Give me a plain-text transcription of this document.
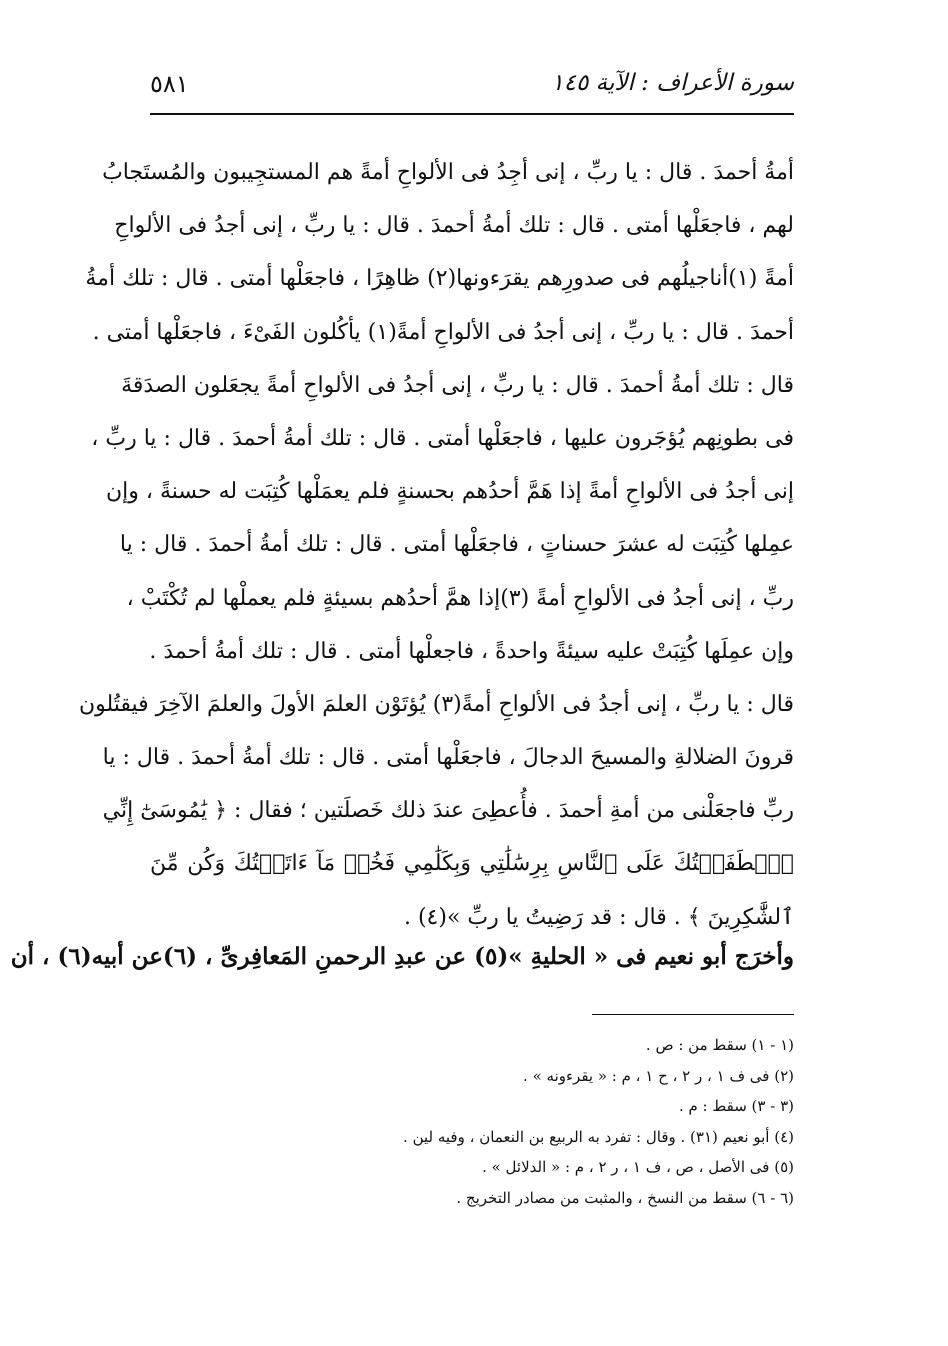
سورة الأعراف : الآية ١٤٥
٥٨١
أمةُ أحمدَ . قال : يا ربِّ ، إنى أجِدُ فى الألواحِ أمةً هم المستجِيبون والمُستَجابُ
لهم ، فاجعَلْها أمتى . قال : تلك أمةُ أحمدَ . قال : يا ربِّ ، إنى أجدُ فى الألواحِ
أمةً (١)أناجيلُهم فى صدورِهم يقرَءونها(٢) ظاهِرًا ، فاجعَلْها أمتى . قال : تلك أمةُ
أحمدَ . قال : يا ربِّ ، إنى أجدُ فى الألواحِ أمةً(١) يأكُلون الفَىْءَ ، فاجعَلْها أمتى .
قال : تلك أمةُ أحمدَ . قال : يا ربِّ ، إنى أجدُ فى الألواحِ أمةً يجعَلون الصدَقةَ
فى بطونِهم يُؤجَرون عليها ، فاجعَلْها أمتى . قال : تلك أمةُ أحمدَ . قال : يا ربِّ ،
إنى أجدُ فى الألواحِ أمةً إذا هَمَّ أحدُهم بحسنةٍ فلم يعمَلْها كُتِبَت له حسنةً ، وإن
عمِلها كُتِبَت له عشرَ حسناتٍ ، فاجعَلْها أمتى . قال : تلك أمةُ أحمدَ . قال : يا
ربِّ ، إنى أجدُ فى الألواحِ أمةً (٣)إذا همَّ أحدُهم بسيئةٍ فلم يعملْها لم تُكْتَبْ ،
وإن عمِلَها كُتِبَتْ عليه سيئةً واحدةً ، فاجعلْها أمتى . قال : تلك أمةُ أحمدَ .
قال : يا ربِّ ، إنى أجدُ فى الألواحِ أمةً(٣) يُؤتَوْن العلمَ الأولَ والعلمَ الآخِرَ فيقتُلون
قرونَ الضلالةِ والمسيحَ الدجالَ ، فاجعَلْها أمتى . قال : تلك أمةُ أحمدَ . قال : يا
ربِّ فاجعَلْنى من أمةِ أحمدَ . فأُعطِىَ عندَ ذلك خَصلَتين ؛ فقال : ﴿ يَٰمُوسَىٰٓ إِنِّي
ٱصۡطَفَيۡتُكَ عَلَى ٱلنَّاسِ بِرِسَٰلَٰتِي وَبِكَلَٰمِي فَخُذۡ مَآ ءَاتَيۡتُكَ وَكُن مِّنَ
ٱلشَّٰكِرِينَ ﴾ . قال : قد رَضِيتُ يا ربِّ »(٤) .
وأخرَج أبو نعيم فى « الحليةِ »(٥) عن عبدِ الرحمنِ المَعافِرىِّ ، (٦)عن أبيه(٦) ، أن
(١ - ١) سقط من : ص .
(٢) فى ف ١ ، ر ٢ ، ح ١ ، م : « يقرءونه » .
(٣ - ٣) سقط : م .
(٤) أبو نعيم (٣١) . وقال : تفرد به الربيع بن النعمان ، وفيه لين .
(٥) فى الأصل ، ص ، ف ١ ، ر ٢ ، م : « الدلائل » .
(٦ - ٦) سقط من النسخ ، والمثبت من مصادر التخريج .
